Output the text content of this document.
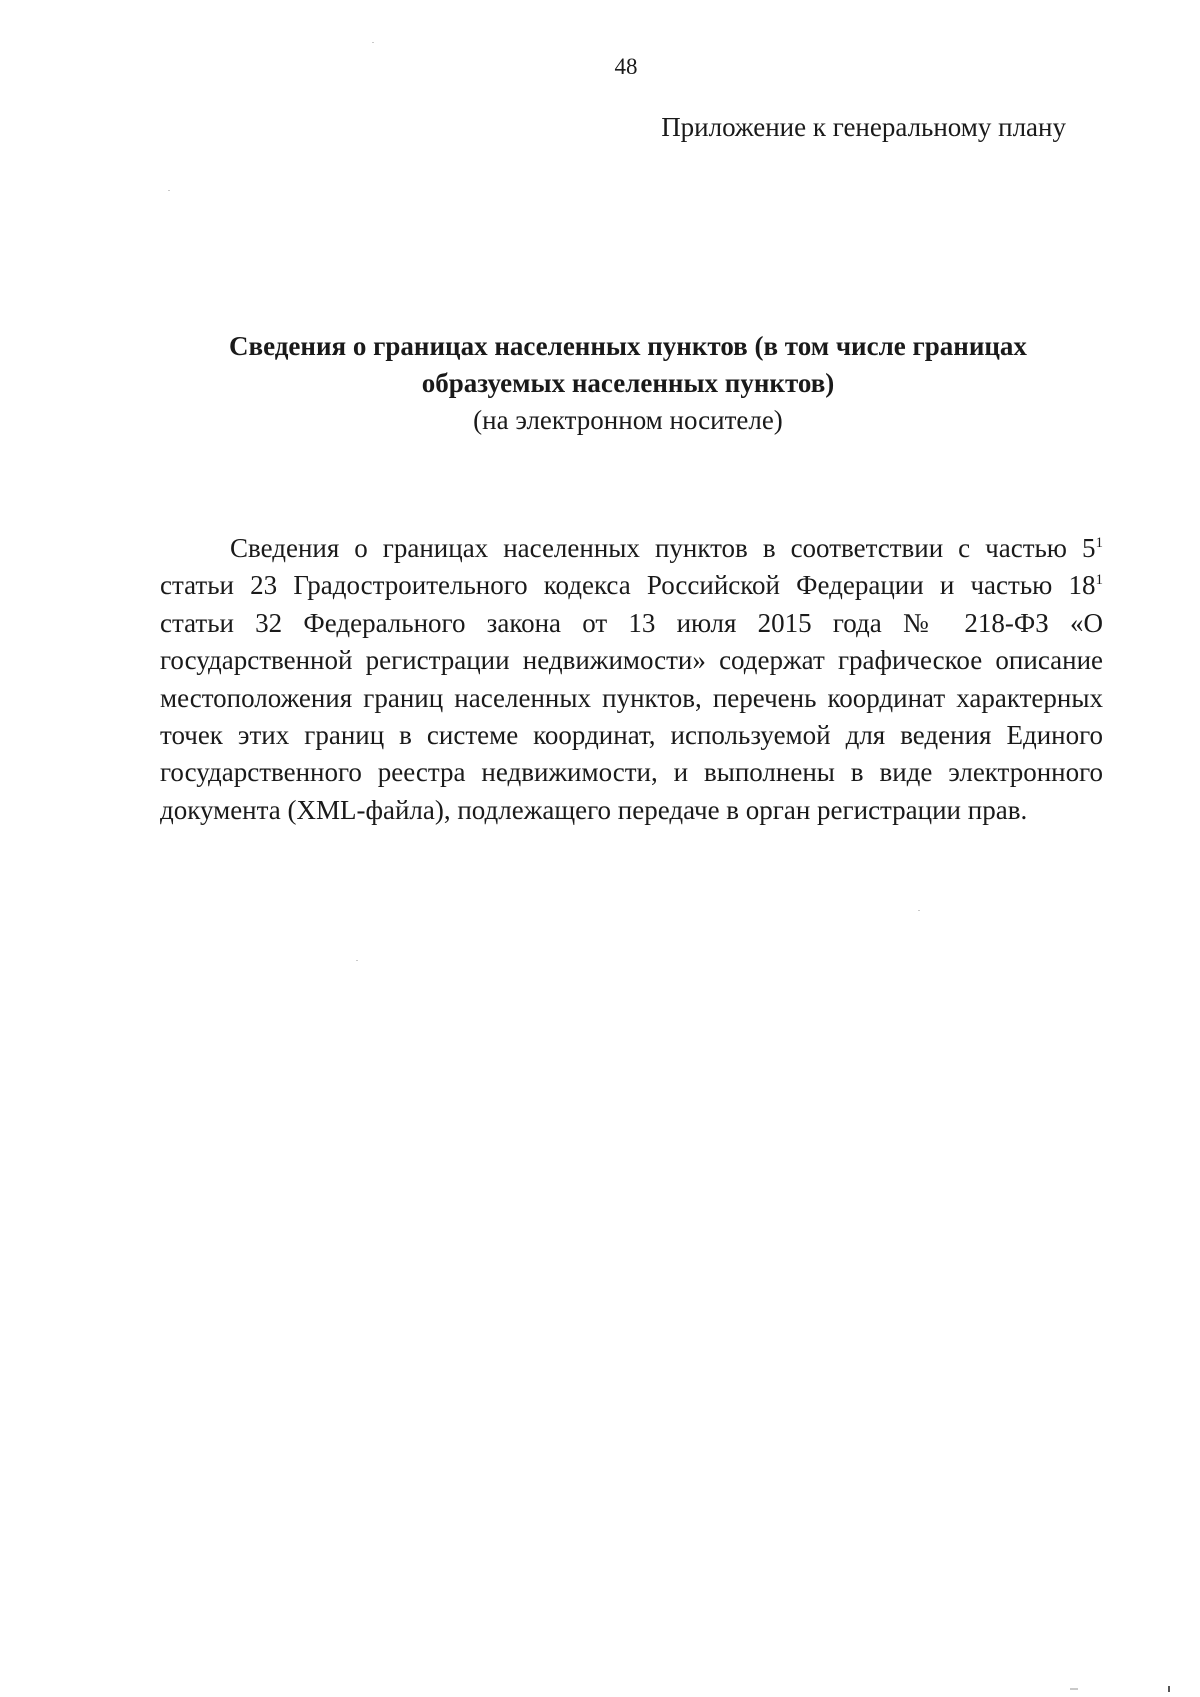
48
Приложение к генеральному плану
Сведения о границах населенных пунктов (в том числе границах образуемых населенных пунктов)
(на электронном носителе)

Сведения о границах населенных пунктов в соответствии с частью $5^1$ статьи 23 Градостроительного кодекса Российской Федерации и частью $18^1$ статьи 32 Федерального закона от 13 июля 2015 года № 218-ФЗ «О государственной регистрации недвижимости» содержат графическое описание местоположения границ населенных пунктов, перечень координат характерных точек этих границ в системе координат, используемой для ведения Единого государственного реестра недвижимости, и выполнены в виде электронного документа (XML-файла), подлежащего передаче в орган регистрации прав.
